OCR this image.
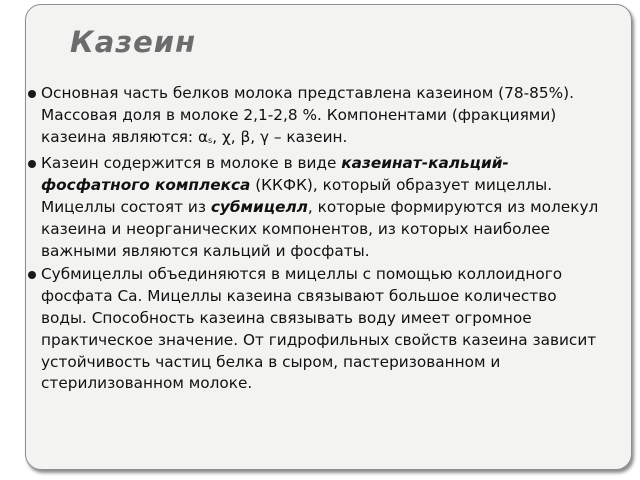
Казеин

Основная часть белков молока представлена казеином (78-85%). Массовая доля в молоке 2,1-2,8 %. Компонентами (фракциями) казеина являются: αs, χ, β, γ – казеин.

Казеин содержится в молоке в виде казеинат-кальций-фосфатного комплекса (ККФК), который образует мицеллы. Мицеллы состоят из субмицелл, которые формируются из молекул казеина и неорганических компонентов, из которых наиболее важными являются кальций и фосфаты.

Субмицеллы объединяются в мицеллы с помощью коллоидного фосфата Са. Мицеллы казеина связывают большое количество воды. Способность казеина связывать воду имеет огромное практическое значение. От гидрофильных свойств казеина зависит устойчивость частиц белка в сыром, пастеризованном и стерилизованном молоке.
